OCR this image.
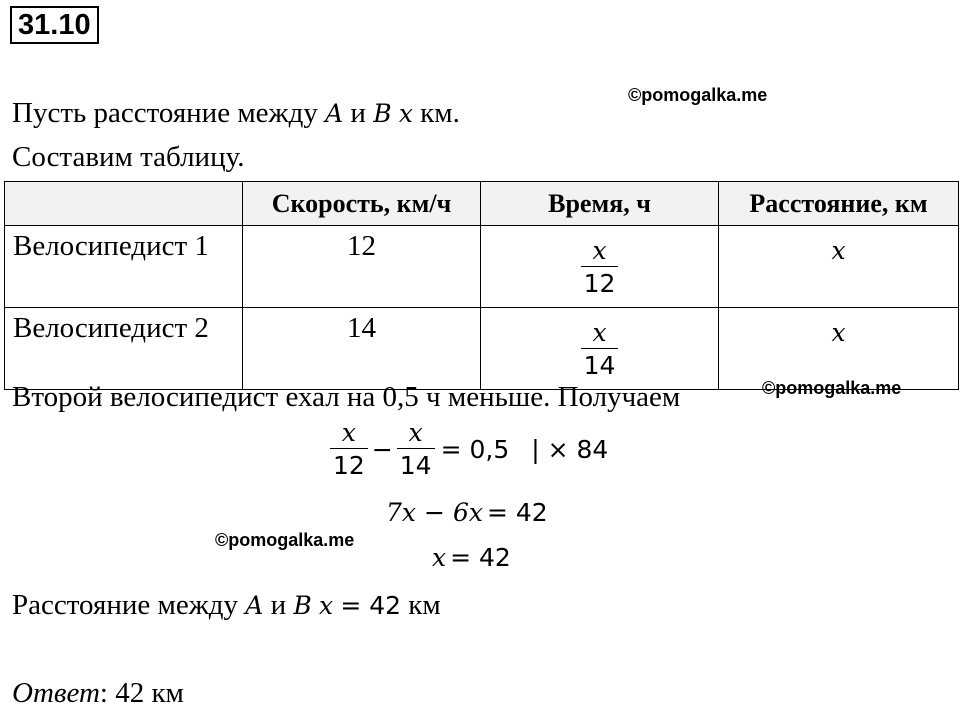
31.10
©pomogalka.me
Пусть расстояние между A и B x км.
Составим таблицу.
	Скорость, км/ч	Время, ч	Расстояние, км
Велосипедист 1	12	$\frac{x}{12}$	x
Велосипедист 2	14	$\frac{x}{14}$	x
Второй велосипедист ехал на 0,5 ч меньше. Получаем	©pomogalka.me
$\frac{x}{12} - \frac{x}{14} = 0,5$ | × 84
7x − 6x = 42
©pomogalka.me
x = 42
Расстояние между A и B x = 42 км
Ответ: 42 км
